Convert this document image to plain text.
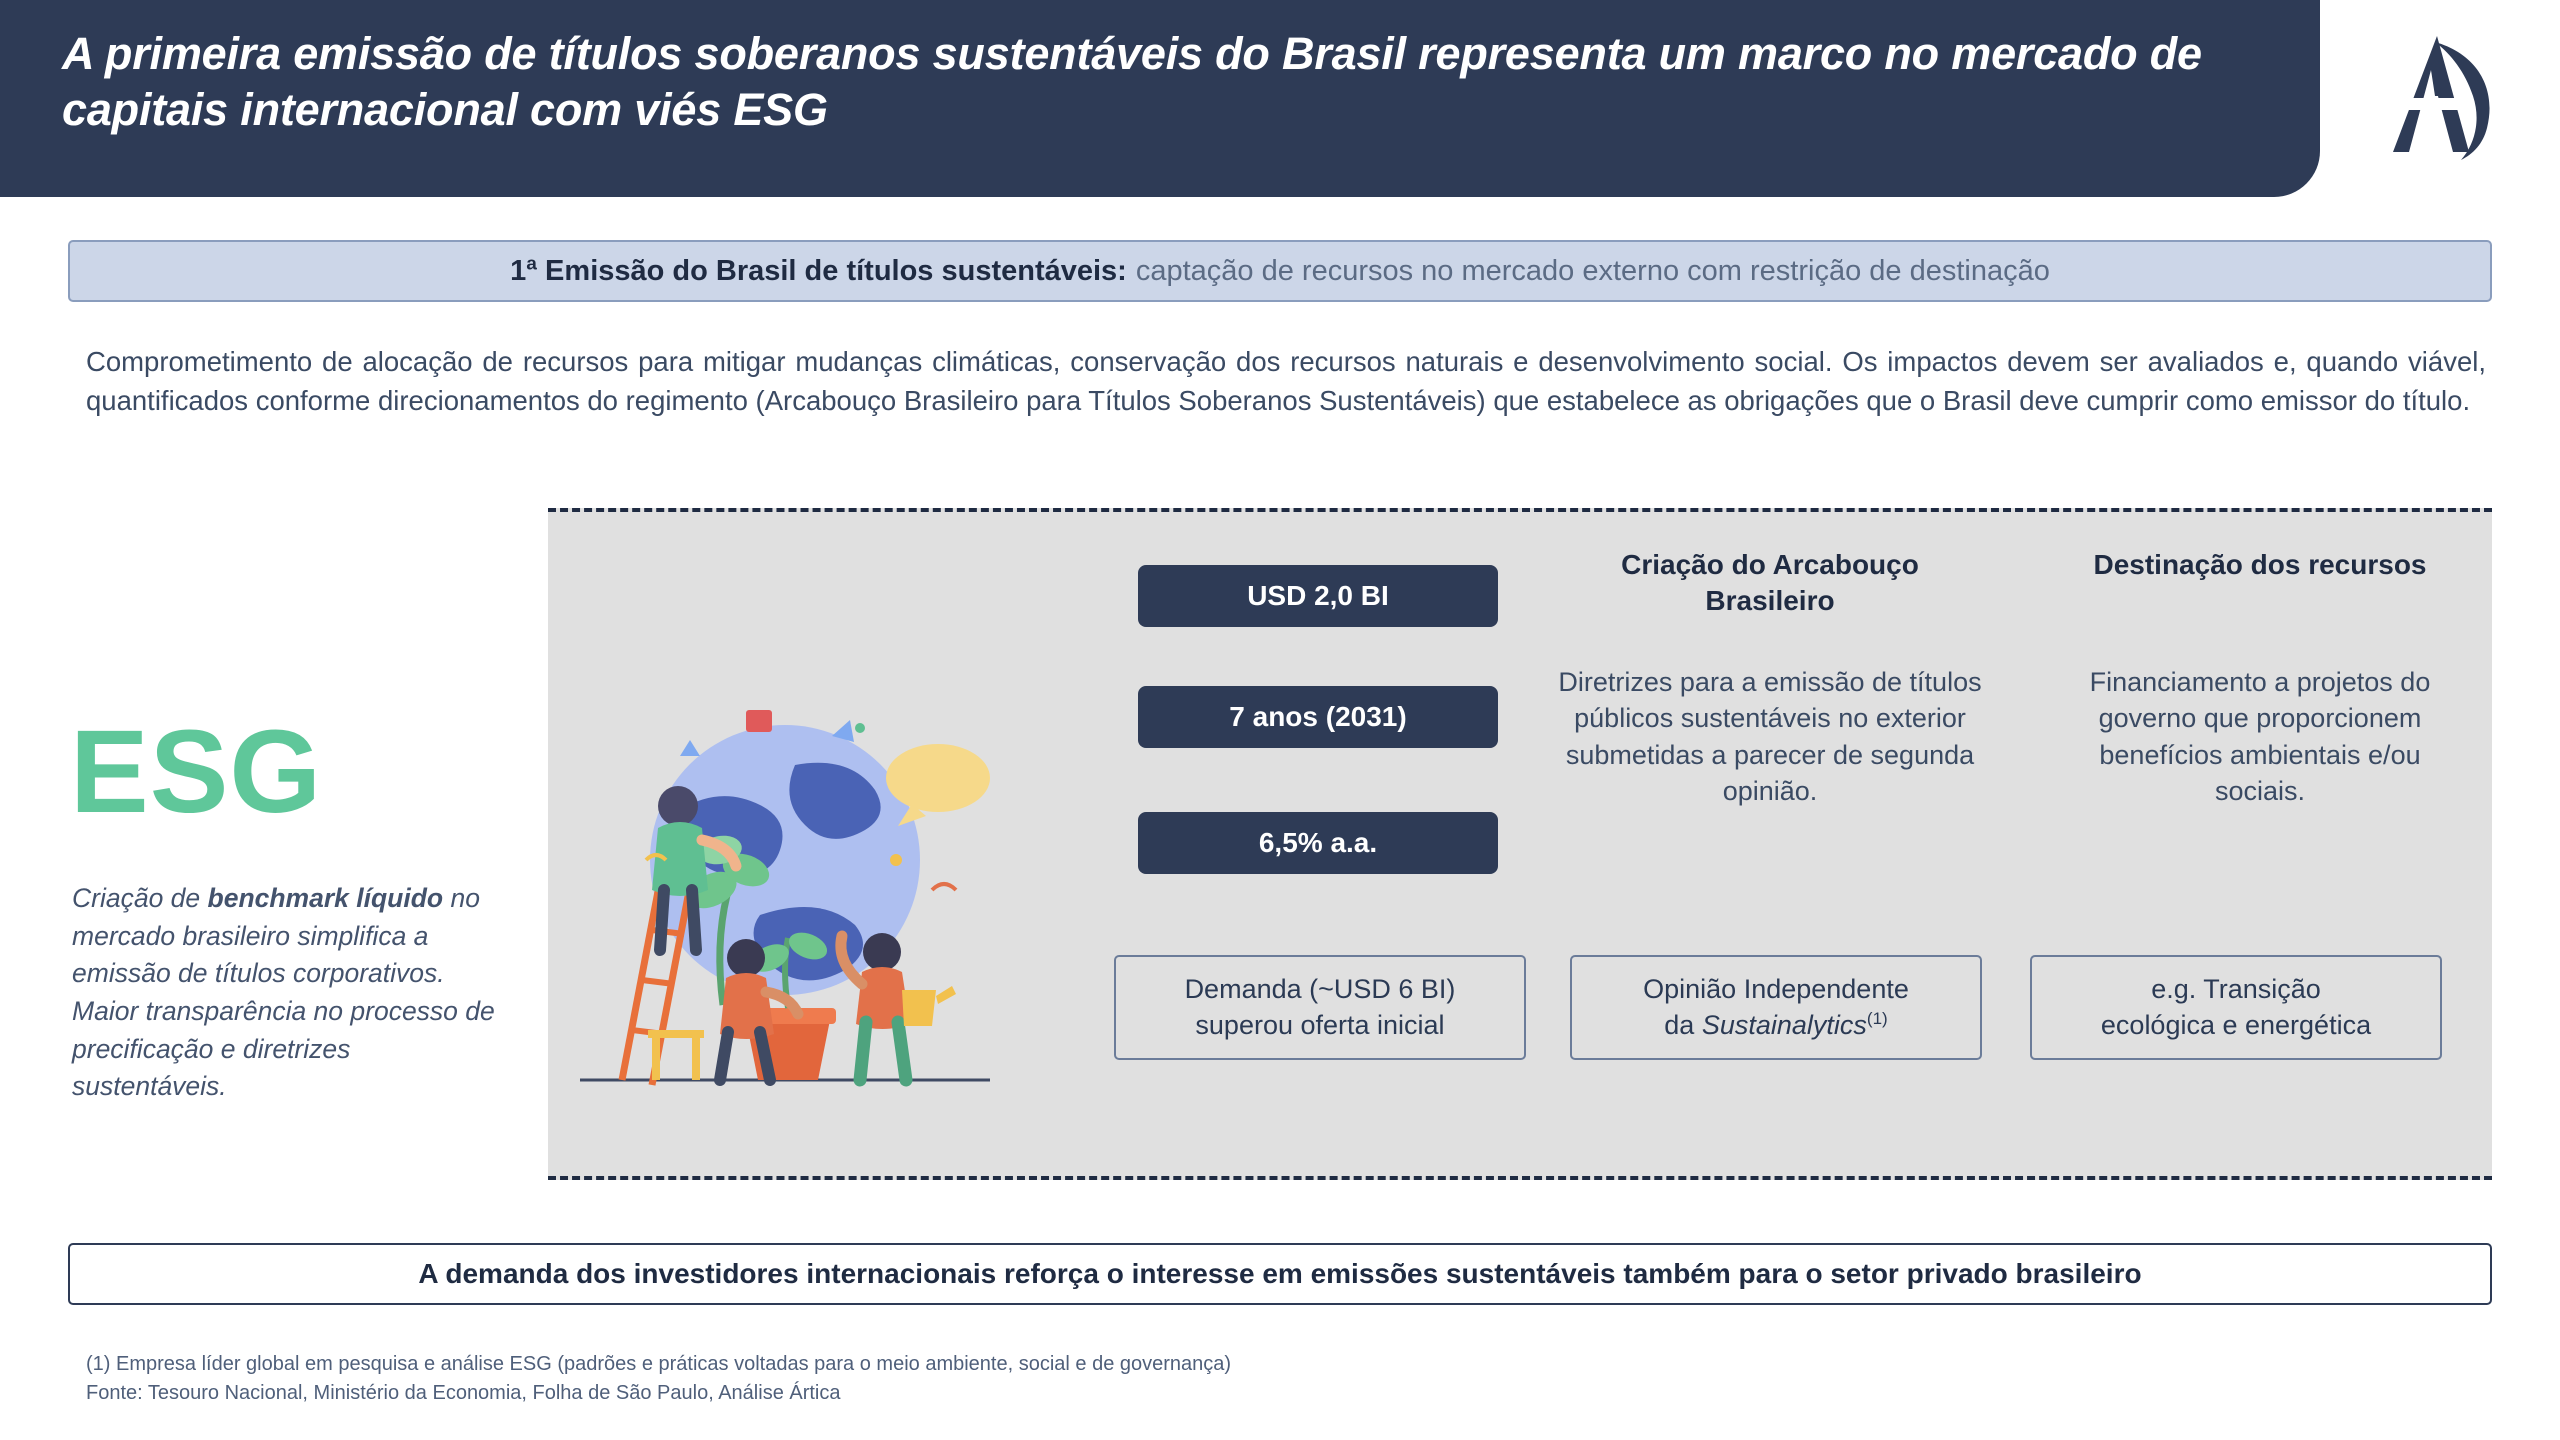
A primeira emissão de títulos soberanos sustentáveis do Brasil representa um marco no mercado de capitais internacional com viés ESG
1ª Emissão do Brasil de títulos sustentáveis: captação de recursos no mercado externo com restrição de destinação
Comprometimento de alocação de recursos para mitigar mudanças climáticas, conservação dos recursos naturais e desenvolvimento social. Os impactos devem ser avaliados e, quando viável, quantificados conforme direcionamentos do regimento (Arcabouço Brasileiro para Títulos Soberanos Sustentáveis) que estabelece as obrigações que o Brasil deve cumprir como emissor do título.
ESG
Criação de benchmark líquido no mercado brasileiro simplifica a emissão de títulos corporativos. Maior transparência no processo de precificação e diretrizes sustentáveis.
USD 2,0 BI
7 anos (2031)
6,5% a.a.
Criação do Arcabouço Brasileiro
Diretrizes para a emissão de títulos públicos sustentáveis no exterior submetidas a parecer de segunda opinião.
Destinação dos recursos
Financiamento a projetos do governo que proporcionem benefícios ambientais e/ou sociais.
Demanda (~USD 6 BI)
superou oferta inicial
Opinião Independente
da Sustainalytics$^{(1)}$
e.g. Transição
ecológica e energética
A demanda dos investidores internacionais reforça o interesse em emissões sustentáveis também para o setor privado brasileiro
(1) Empresa líder global em pesquisa e análise ESG (padrões e práticas voltadas para o meio ambiente, social e de governança)
Fonte: Tesouro Nacional, Ministério da Economia, Folha de São Paulo, Análise Ártica
